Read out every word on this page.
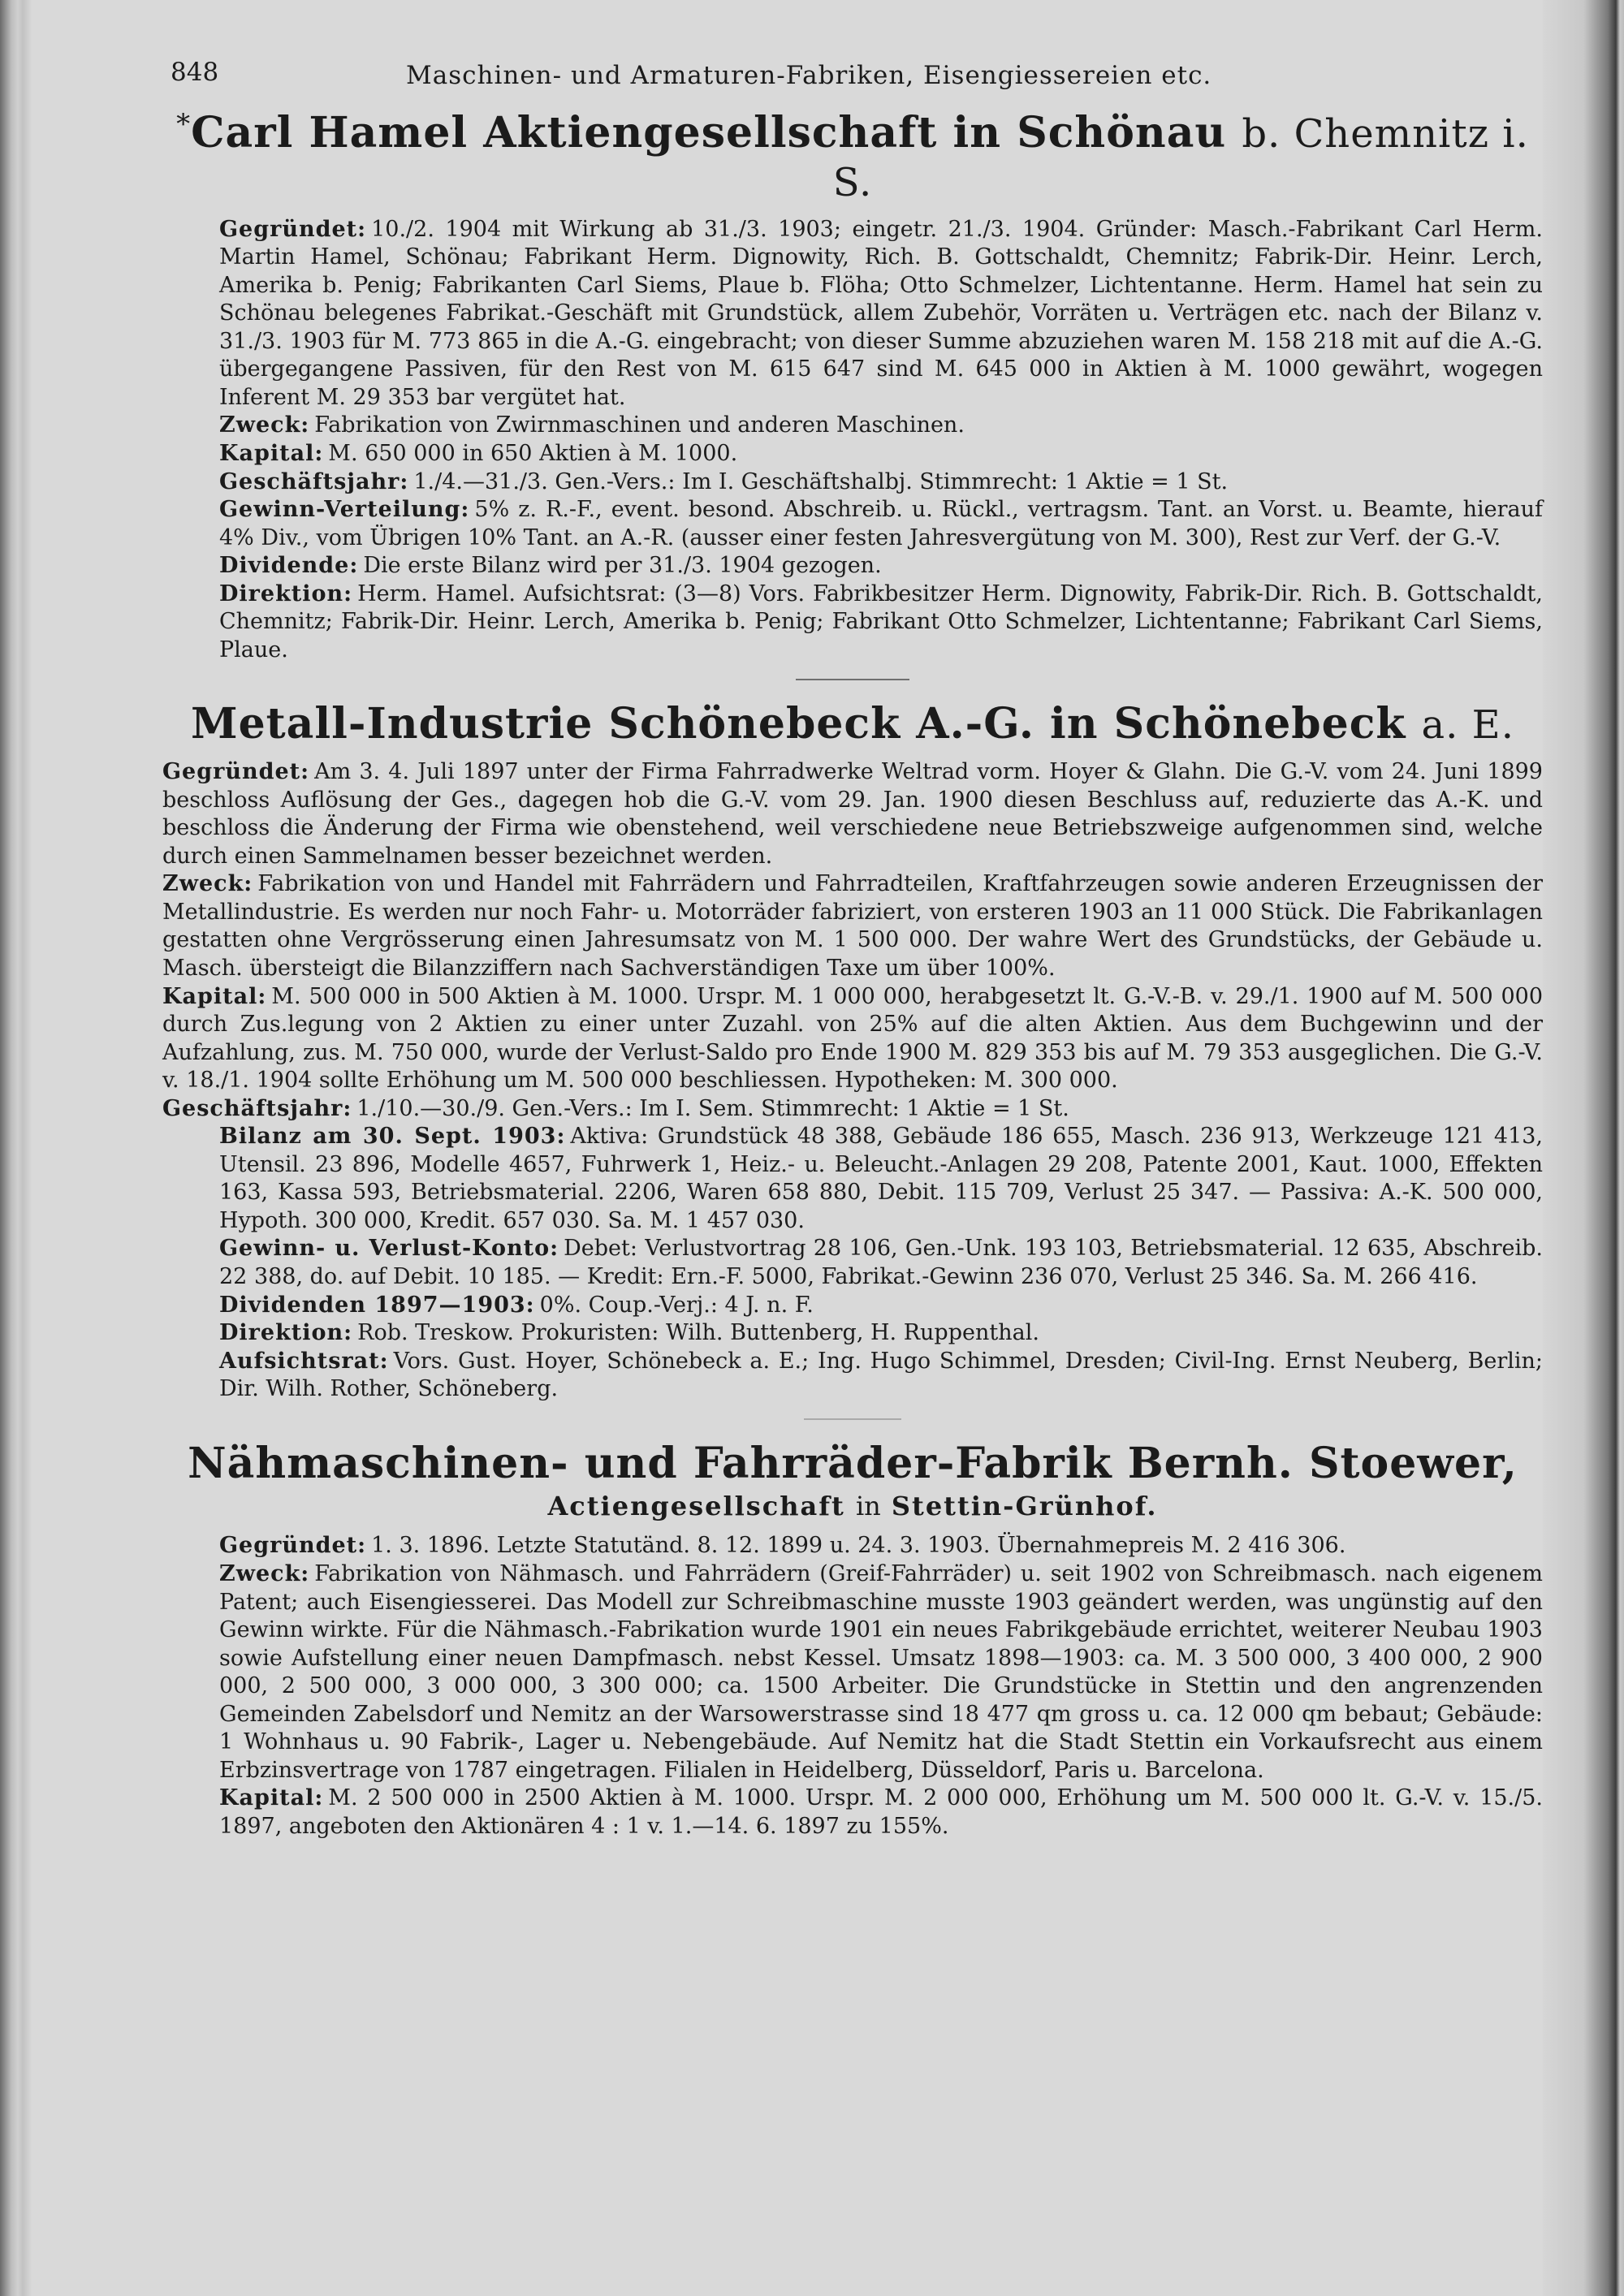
848	Maschinen- und Armaturen-Fabriken, Eisengiessereien etc.
*Carl Hamel Aktiengesellschaft in Schönau b. Chemnitz i. S.

Gegründet: 10./2. 1904 mit Wirkung ab 31./3. 1903; eingetr. 21./3. 1904. Gründer: Masch.-Fabrikant Carl Herm. Martin Hamel, Schönau; Fabrikant Herm. Dignowity, Rich. B. Gottschaldt, Chemnitz; Fabrik-Dir. Heinr. Lerch, Amerika b. Penig; Fabrikanten Carl Siems, Plaue b. Flöha; Otto Schmelzer, Lichtentanne. Herm. Hamel hat sein zu Schönau belegenes Fabrikat.-Geschäft mit Grundstück, allem Zubehör, Vorräten u. Verträgen etc. nach der Bilanz v. 31./3. 1903 für M. 773 865 in die A.-G. eingebracht; von dieser Summe abzuziehen waren M. 158 218 mit auf die A.-G. übergegangene Passiven, für den Rest von M. 615 647 sind M. 645 000 in Aktien à M. 1000 gewährt, wogegen Inferent M. 29 353 bar vergütet hat.

Zweck: Fabrikation von Zwirnmaschinen und anderen Maschinen.

Kapital: M. 650 000 in 650 Aktien à M. 1000.

Geschäftsjahr: 1./4.—31./3. Gen.-Vers.: Im I. Geschäftshalbj. Stimmrecht: 1 Aktie = 1 St.

Gewinn-Verteilung: 5% z. R.-F., event. besond. Abschreib. u. Rückl., vertragsm. Tant. an Vorst. u. Beamte, hierauf 4% Div., vom Übrigen 10% Tant. an A.-R. (ausser einer festen Jahresvergütung von M. 300), Rest zur Verf. der G.-V.

Dividende: Die erste Bilanz wird per 31./3. 1904 gezogen.

Direktion: Herm. Hamel. Aufsichtsrat: (3—8) Vors. Fabrikbesitzer Herm. Dignowity, Fabrik-Dir. Rich. B. Gottschaldt, Chemnitz; Fabrik-Dir. Heinr. Lerch, Amerika b. Penig; Fabrikant Otto Schmelzer, Lichtentanne; Fabrikant Carl Siems, Plaue.

Metall-Industrie Schönebeck A.-G. in Schönebeck a. E.

Gegründet: Am 3. 4. Juli 1897 unter der Firma Fahrradwerke Weltrad vorm. Hoyer & Glahn. Die G.-V. vom 24. Juni 1899 beschloss Auflösung der Ges., dagegen hob die G.-V. vom 29. Jan. 1900 diesen Beschluss auf, reduzierte das A.-K. und beschloss die Änderung der Firma wie obenstehend, weil verschiedene neue Betriebszweige aufgenommen sind, welche durch einen Sammelnamen besser bezeichnet werden.

Zweck: Fabrikation von und Handel mit Fahrrädern und Fahrradteilen, Kraftfahrzeugen sowie anderen Erzeugnissen der Metallindustrie. Es werden nur noch Fahr- u. Motorräder fabriziert, von ersteren 1903 an 11 000 Stück. Die Fabrikanlagen gestatten ohne Vergrösserung einen Jahresumsatz von M. 1 500 000. Der wahre Wert des Grundstücks, der Gebäude u. Masch. übersteigt die Bilanzziffern nach Sachverständigen Taxe um über 100%.

Kapital: M. 500 000 in 500 Aktien à M. 1000. Urspr. M. 1 000 000, herabgesetzt lt. G.-V.-B. v. 29./1. 1900 auf M. 500 000 durch Zus.legung von 2 Aktien zu einer unter Zuzahl. von 25% auf die alten Aktien. Aus dem Buchgewinn und der Aufzahlung, zus. M. 750 000, wurde der Verlust-Saldo pro Ende 1900 M. 829 353 bis auf M. 79 353 ausgeglichen. Die G.-V. v. 18./1. 1904 sollte Erhöhung um M. 500 000 beschliessen. Hypotheken: M. 300 000.

Geschäftsjahr: 1./10.—30./9. Gen.-Vers.: Im I. Sem. Stimmrecht: 1 Aktie = 1 St.

Bilanz am 30. Sept. 1903: Aktiva: Grundstück 48 388, Gebäude 186 655, Masch. 236 913, Werkzeuge 121 413, Utensil. 23 896, Modelle 4657, Fuhrwerk 1, Heiz.- u. Beleucht.-Anlagen 29 208, Patente 2001, Kaut. 1000, Effekten 163, Kassa 593, Betriebsmaterial. 2206, Waren 658 880, Debit. 115 709, Verlust 25 347. — Passiva: A.-K. 500 000, Hypoth. 300 000, Kredit. 657 030. Sa. M. 1 457 030.

Gewinn- u. Verlust-Konto: Debet: Verlustvortrag 28 106, Gen.-Unk. 193 103, Betriebsmaterial. 12 635, Abschreib. 22 388, do. auf Debit. 10 185. — Kredit: Ern.-F. 5000, Fabrikat.-Gewinn 236 070, Verlust 25 346. Sa. M. 266 416.

Dividenden 1897—1903: 0%. Coup.-Verj.: 4 J. n. F.

Direktion: Rob. Treskow. Prokuristen: Wilh. Buttenberg, H. Ruppenthal.

Aufsichtsrat: Vors. Gust. Hoyer, Schönebeck a. E.; Ing. Hugo Schimmel, Dresden; Civil-Ing. Ernst Neuberg, Berlin; Dir. Wilh. Rother, Schöneberg.

Nähmaschinen- und Fahrräder-Fabrik Bernh. Stoewer,
Actiengesellschaft in Stettin-Grünhof.

Gegründet: 1. 3. 1896. Letzte Statutänd. 8. 12. 1899 u. 24. 3. 1903. Übernahmepreis M. 2 416 306.

Zweck: Fabrikation von Nähmasch. und Fahrrädern (Greif-Fahrräder) u. seit 1902 von Schreibmasch. nach eigenem Patent; auch Eisengiesserei. Das Modell zur Schreibmaschine musste 1903 geändert werden, was ungünstig auf den Gewinn wirkte. Für die Nähmasch.-Fabrikation wurde 1901 ein neues Fabrikgebäude errichtet, weiterer Neubau 1903 sowie Aufstellung einer neuen Dampfmasch. nebst Kessel. Umsatz 1898—1903: ca. M. 3 500 000, 3 400 000, 2 900 000, 2 500 000, 3 000 000, 3 300 000; ca. 1500 Arbeiter. Die Grundstücke in Stettin und den angrenzenden Gemeinden Zabelsdorf und Nemitz an der Warsowerstrasse sind 18 477 qm gross u. ca. 12 000 qm bebaut; Gebäude: 1 Wohnhaus u. 90 Fabrik-, Lager u. Nebengebäude. Auf Nemitz hat die Stadt Stettin ein Vorkaufsrecht aus einem Erbzinsvertrage von 1787 eingetragen. Filialen in Heidelberg, Düsseldorf, Paris u. Barcelona.

Kapital: M. 2 500 000 in 2500 Aktien à M. 1000. Urspr. M. 2 000 000, Erhöhung um M. 500 000 lt. G.-V. v. 15./5. 1897, angeboten den Aktionären 4 : 1 v. 1.—14. 6. 1897 zu 155%.
